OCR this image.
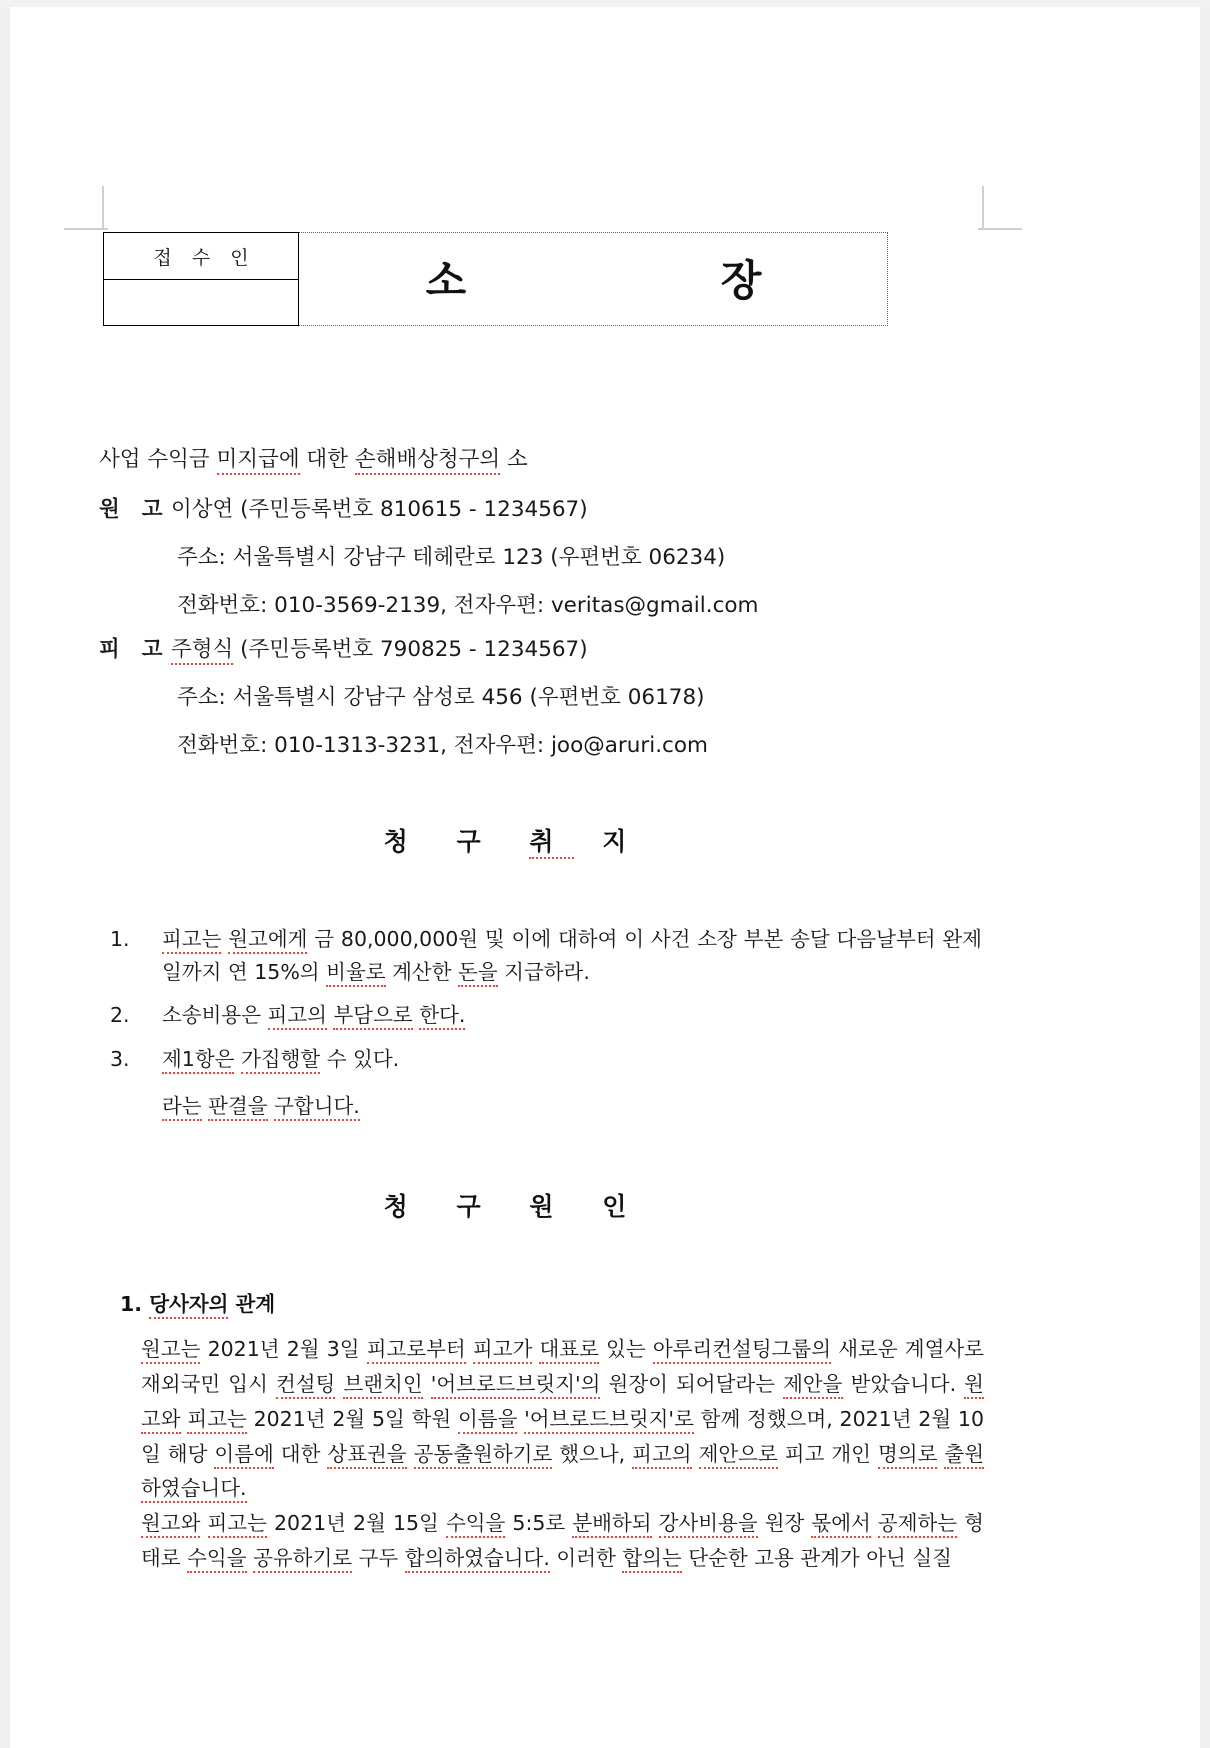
접 수 인	소 장
사업 수익금 미지급에 대한 손해배상청구의 소
원고이상연 (주민등록번호 810615 - 1234567)
주소: 서울특별시 강남구 테헤란로 123 (우편번호 06234)
전화번호: 010-3569-2139, 전자우편: veritas@gmail.com
피고주형식 (주민등록번호 790825 - 1234567)
주소: 서울특별시 강남구 삼성로 456 (우편번호 06178)
전화번호: 010-1313-3231, 전자우편: joo@aruri.com
청 구 취 지
1.	피고는 원고에게 금 80,000,000원 및 이에 대하여 이 사건 소장 부본 송달 다음날부터 완제일까지 연 15%의 비율로 계산한 돈을 지급하라.
2.	소송비용은 피고의 부담으로 한다.
3.	제1항은 가집행할 수 있다.
라는 판결을 구합니다.
청 구 원 인
1. 당사자의 관계
원고는 2021년 2월 3일 피고로부터 피고가 대표로 있는 아루리컨설팅그룹의 새로운 계열사로 재외국민 입시 컨설팅 브랜치인 '어브로드브릿지'의 원장이 되어달라는 제안을 받았습니다. 원고와 피고는 2021년 2월 5일 학원 이름을 '어브로드브릿지'로 함께 정했으며, 2021년 2월 10일 해당 이름에 대한 상표권을 공동출원하기로 했으나, 피고의 제안으로 피고 개인 명의로 출원하였습니다.
원고와 피고는 2021년 2월 15일 수익을 5:5로 분배하되 강사비용을 원장 몫에서 공제하는 형태로 수익을 공유하기로 구두 합의하였습니다. 이러한 합의는 단순한 고용 관계가 아닌 실질
